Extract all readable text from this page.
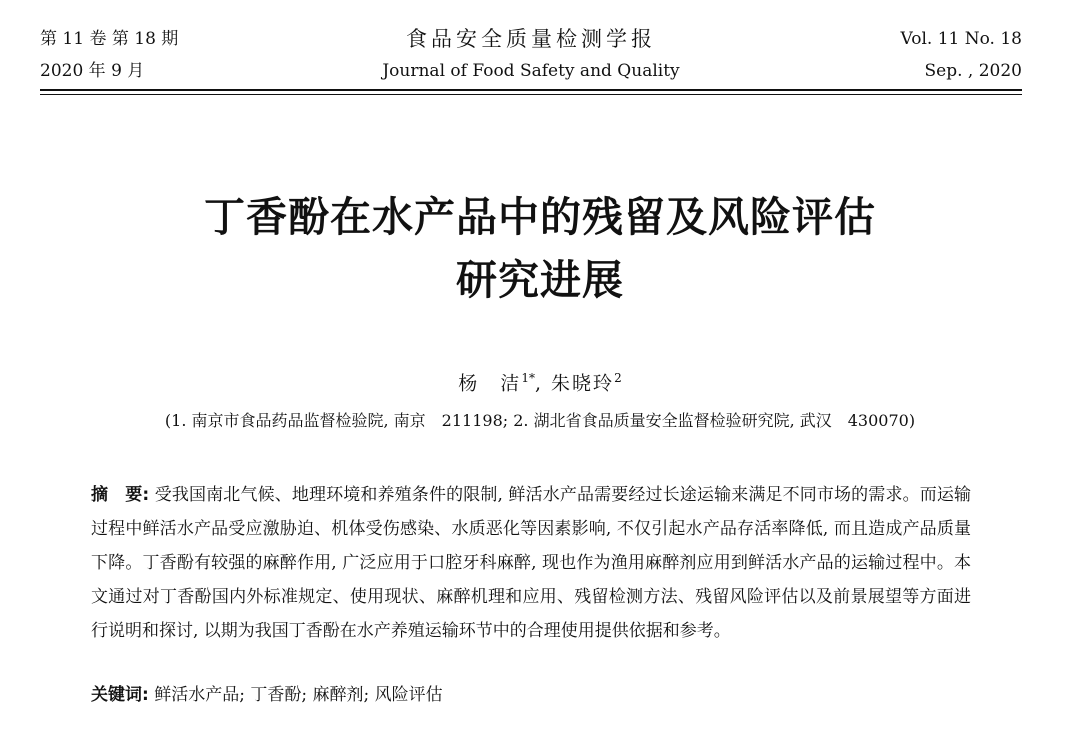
第 11 卷 第 18 期	食品安全质量检测学报	Vol. 11 No. 18
2020 年 9 月	Journal of Food Safety and Quality	Sep. , 2020
丁香酚在水产品中的残留及风险评估
研究进展
杨　洁$^{1*}$, 朱晓玲$^2$
(1. 南京市食品药品监督检验院, 南京　211198; 2. 湖北省食品质量安全监督检验研究院, 武汉　430070)
摘　要: 受我国南北气候、地理环境和养殖条件的限制, 鲜活水产品需要经过长途运输来满足不同市场的需求。而运输过程中鲜活水产品受应激胁迫、机体受伤感染、水质恶化等因素影响, 不仅引起水产品存活率降低, 而且造成产品质量下降。丁香酚有较强的麻醉作用, 广泛应用于口腔牙科麻醉, 现也作为渔用麻醉剂应用到鲜活水产品的运输过程中。本文通过对丁香酚国内外标准规定、使用现状、麻醉机理和应用、残留检测方法、残留风险评估以及前景展望等方面进行说明和探讨, 以期为我国丁香酚在水产养殖运输环节中的合理使用提供依据和参考。
关键词: 鲜活水产品; 丁香酚; 麻醉剂; 风险评估
